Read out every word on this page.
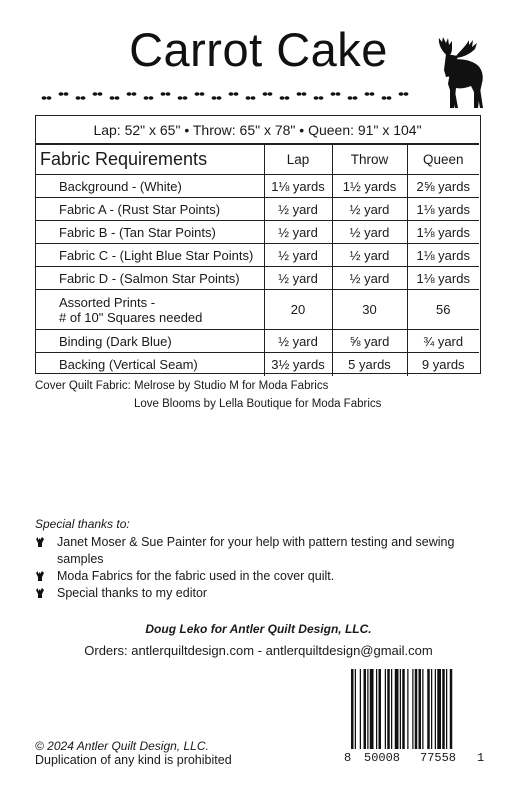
Carrot Cake
Lap: 52" x 65" • Throw: 65" x 78" • Queen: 91" x 104"
Fabric Requirements	Lap	Throw	Queen
Background - (White)	1⅛ yards	1½ yards	2⅝ yards
Fabric A - (Rust Star Points)	½ yard	½ yard	1⅛ yards
Fabric B - (Tan Star Points)	½ yard	½ yard	1⅛ yards
Fabric C - (Light Blue Star Points)	½ yard	½ yard	1⅛ yards
Fabric D - (Salmon Star Points)	½ yard	½ yard	1⅛ yards
Assorted Prints -
# of 10" Squares needed	20	30	56
Binding (Dark Blue)	½ yard	⅝ yard	¾ yard
Backing (Vertical Seam)	3½ yards	5 yards	9 yards
Cover Quilt Fabric: Melrose by Studio M for Moda Fabrics
Love Blooms by Lella Boutique for Moda Fabrics
Special thanks to:
Janet Moser & Sue Painter for your help with pattern testing and sewing samples
Moda Fabrics for the fabric used in the cover quilt.
Special thanks to my editor
Doug Leko for Antler Quilt Design, LLC.
Orders: antlerquiltdesign.com - antlerquiltdesign@gmail.com
© 2024 Antler Quilt Design, LLC.
Duplication of any kind is prohibited	8 50008 77558 1
